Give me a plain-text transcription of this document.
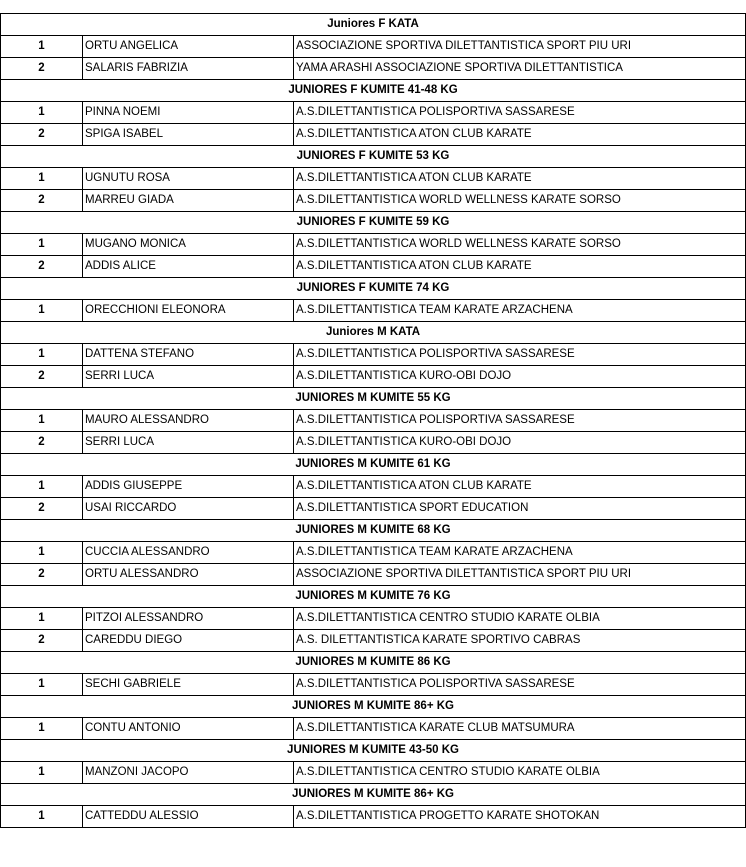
Juniores F KATA		
1	ORTU ANGELICA	ASSOCIAZIONE SPORTIVA DILETTANTISTICA SPORT PIU URI
2	SALARIS FABRIZIA	YAMA ARASHI ASSOCIAZIONE SPORTIVA DILETTANTISTICA
JUNIORES F KUMITE 41-48 KG		
1	PINNA NOEMI	A.S.DILETTANTISTICA POLISPORTIVA SASSARESE
2	SPIGA ISABEL	A.S.DILETTANTISTICA ATON CLUB KARATE
JUNIORES F KUMITE 53 KG		
1	UGNUTU ROSA	A.S.DILETTANTISTICA ATON CLUB KARATE
2	MARREU GIADA	A.S.DILETTANTISTICA WORLD WELLNESS KARATE SORSO
JUNIORES F KUMITE 59 KG		
1	MUGANO MONICA	A.S.DILETTANTISTICA WORLD WELLNESS KARATE SORSO
2	ADDIS ALICE	A.S.DILETTANTISTICA ATON CLUB KARATE
JUNIORES F KUMITE 74 KG		
1	ORECCHIONI ELEONORA	A.S.DILETTANTISTICA TEAM KARATE ARZACHENA
Juniores M KATA		
1	DATTENA STEFANO	A.S.DILETTANTISTICA POLISPORTIVA SASSARESE
2	SERRI LUCA	A.S.DILETTANTISTICA KURO-OBI DOJO
JUNIORES M KUMITE 55 KG		
1	MAURO ALESSANDRO	A.S.DILETTANTISTICA POLISPORTIVA SASSARESE
2	SERRI LUCA	A.S.DILETTANTISTICA KURO-OBI DOJO
JUNIORES M KUMITE 61 KG		
1	ADDIS GIUSEPPE	A.S.DILETTANTISTICA ATON CLUB KARATE
2	USAI RICCARDO	A.S.DILETTANTISTICA SPORT EDUCATION
JUNIORES M KUMITE 68 KG		
1	CUCCIA ALESSANDRO	A.S.DILETTANTISTICA TEAM KARATE ARZACHENA
2	ORTU ALESSANDRO	ASSOCIAZIONE SPORTIVA DILETTANTISTICA SPORT PIU URI
JUNIORES M KUMITE 76 KG		
1	PITZOI ALESSANDRO	A.S.DILETTANTISTICA CENTRO STUDIO KARATE OLBIA
2	CAREDDU DIEGO	A.S. DILETTANTISTICA KARATE SPORTIVO CABRAS
JUNIORES M KUMITE 86 KG		
1	SECHI GABRIELE	A.S.DILETTANTISTICA POLISPORTIVA SASSARESE
JUNIORES M KUMITE 86+ KG		
1	CONTU ANTONIO	A.S.DILETTANTISTICA KARATE CLUB MATSUMURA
JUNIORES M KUMITE 43-50 KG		
1	MANZONI JACOPO	A.S.DILETTANTISTICA CENTRO STUDIO KARATE OLBIA
JUNIORES M KUMITE 86+ KG		
1	CATTEDDU ALESSIO	A.S.DILETTANTISTICA PROGETTO KARATE SHOTOKAN
